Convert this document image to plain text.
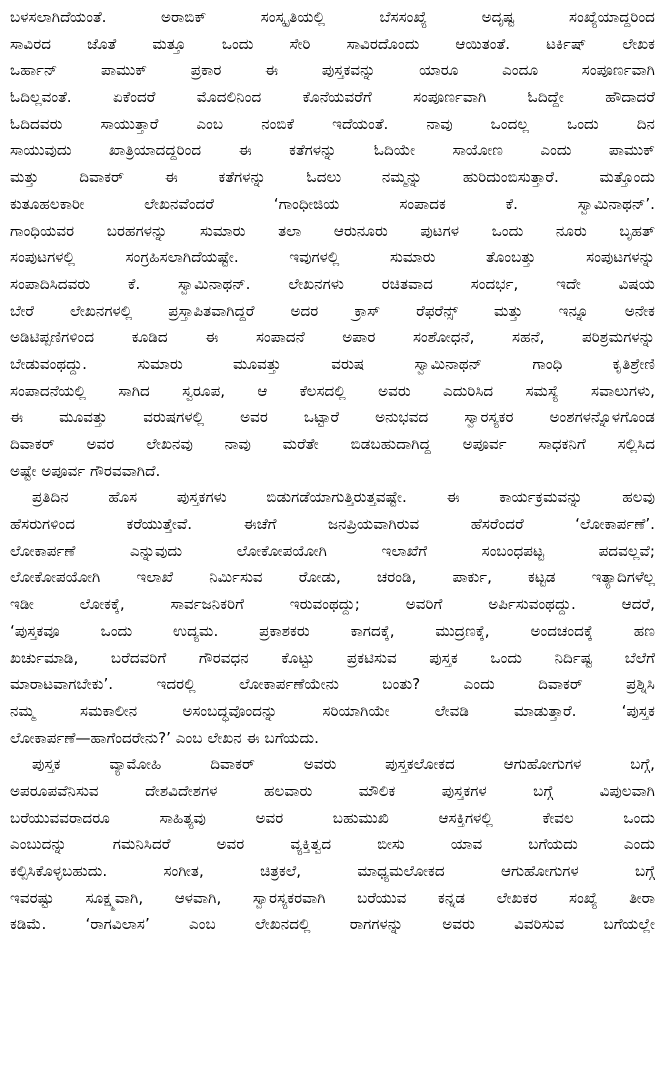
ಬಳಸಲಾಗಿದೆಯಂತೆ. ಅರಾಬಿಕ್ ಸಂಸ್ಕೃತಿಯಲ್ಲಿ ಬೆಸಸಂಖ್ಯೆ ಅದೃಷ್ಟ ಸಂಖ್ಯೆಯಾದ್ದರಿಂದ
ಸಾವಿರದ ಜೊತೆ ಮತ್ತೂ ಒಂದು ಸೇರಿ ಸಾವಿರದೊಂದು ಆಯಿತಂತೆ. ಟರ್ಕಿಷ್ ಲೇಖಕ
ಒರ್ಹಾನ್ ಪಾಮುಕ್ ಪ್ರಕಾರ ಈ ಪುಸ್ತಕವನ್ನು ಯಾರೂ ಎಂದೂ ಸಂಪೂರ್ಣವಾಗಿ
ಓದಿಲ್ಲವಂತೆ. ಏಕೆಂದರೆ ಮೊದಲಿನಿಂದ ಕೊನೆಯವರೆಗೆ ಸಂಪೂರ್ಣವಾಗಿ ಓದಿದ್ದೇ ಹೌದಾದರೆ
ಓದಿದವರು ಸಾಯುತ್ತಾರೆ ಎಂಬ ನಂಬಿಕೆ ಇದೆಯಂತೆ. ನಾವು ಒಂದಲ್ಲ ಒಂದು ದಿನ
ಸಾಯುವುದು ಖಾತ್ರಿಯಾದದ್ದರಿಂದ ಈ ಕತೆಗಳನ್ನು ಓದಿಯೇ ಸಾಯೋಣ ಎಂದು ಪಾಮುಕ್
ಮತ್ತು ದಿವಾಕರ್ ಈ ಕತೆಗಳನ್ನು ಓದಲು ನಮ್ಮನ್ನು ಹುರಿದುಂಬಿಸುತ್ತಾರೆ. ಮತ್ತೊಂದು
ಕುತೂಹಲಕಾರೀ ಲೇಖನವೆಂದರೆ ‘ಗಾಂಧೀಜಿಯ ಸಂಪಾದಕ ಕೆ. ಸ್ವಾಮಿನಾಥನ್’.
ಗಾಂಧಿಯವರ ಬರಹಗಳನ್ನು ಸುಮಾರು ತಲಾ ಆರುನೂರು ಪುಟಗಳ ಒಂದು ನೂರು ಬೃಹತ್
ಸಂಪುಟಗಳಲ್ಲಿ ಸಂಗ್ರಹಿಸಲಾಗಿದೆಯಷ್ಟೇ. ಇವುಗಳಲ್ಲಿ ಸುಮಾರು ತೊಂಬತ್ತು ಸಂಪುಟಗಳನ್ನು
ಸಂಪಾದಿಸಿದವರು ಕೆ. ಸ್ವಾಮಿನಾಥನ್. ಲೇಖನಗಳು ರಚಿತವಾದ ಸಂದರ್ಭ, ಇದೇ ವಿಷಯ
ಬೇರೆ ಲೇಖನಗಳಲ್ಲಿ ಪ್ರಸ್ತಾಪಿತವಾಗಿದ್ದರೆ ಅದರ ಕ್ರಾಸ್ ರೆಫರೆನ್ಸ್ ಮತ್ತು ಇನ್ನೂ ಅನೇಕ
ಅಡಿಟಿಪ್ಪಣಿಗಳಿಂದ ಕೂಡಿದ ಈ ಸಂಪಾದನೆ ಅಪಾರ ಸಂಶೋಧನೆ, ಸಹನೆ, ಪರಿಶ್ರಮಗಳನ್ನು
ಬೇಡುವಂಥದ್ದು. ಸುಮಾರು ಮೂವತ್ತು ವರುಷ ಸ್ವಾಮಿನಾಥನ್ ಗಾಂಧಿ ಕೃತಿಶ್ರೇಣಿ
ಸಂಪಾದನೆಯಲ್ಲಿ ಸಾಗಿದ ಸ್ವರೂಪ, ಆ ಕೆಲಸದಲ್ಲಿ ಅವರು ಎದುರಿಸಿದ ಸಮಸ್ಯೆ ಸವಾಲುಗಳು,
ಈ ಮೂವತ್ತು ವರುಷಗಳಲ್ಲಿ ಅವರ ಒಟ್ಟಾರೆ ಅನುಭವದ ಸ್ವಾರಸ್ಯಕರ ಅಂಶಗಳನ್ನೊಳಗೊಂಡ
ದಿವಾಕರ್ ಅವರ ಲೇಖನವು ನಾವು ಮರೆತೇ ಬಿಡಬಹುದಾಗಿದ್ದ ಅಪೂರ್ವ ಸಾಧಕನಿಗೆ ಸಲ್ಲಿಸಿದ
ಅಷ್ಟೇ ಅಪೂರ್ವ ಗೌರವವಾಗಿದೆ.
ಪ್ರತಿದಿನ ಹೊಸ ಪುಸ್ತಕಗಳು ಬಿಡುಗಡೆಯಾಗುತ್ತಿರುತ್ತವಷ್ಟೇ. ಈ ಕಾರ್ಯಕ್ರಮವನ್ನು ಹಲವು
ಹೆಸರುಗಳಿಂದ ಕರೆಯುತ್ತೇವೆ. ಈಚೆಗೆ ಜನಪ್ರಿಯವಾಗಿರುವ ಹೆಸರೆಂದರೆ ‘ಲೋಕಾರ್ಪಣೆ’.
ಲೋಕಾರ್ಪಣೆ ಎನ್ನುವುದು ಲೋಕೋಪಯೋಗಿ ಇಲಾಖೆಗೆ ಸಂಬಂಧಪಟ್ಟ ಪದವಲ್ಲವೆ;
ಲೋಕೋಪಯೋಗಿ ಇಲಾಖೆ ನಿರ್ಮಿಸುವ ರೋಡು, ಚರಂಡಿ, ಪಾರ್ಕು, ಕಟ್ಟಡ ಇತ್ಯಾದಿಗಳೆಲ್ಲ
ಇಡೀ ಲೋಕಕ್ಕೆ, ಸಾರ್ವಜನಿಕರಿಗೆ ಇರುವಂಥದ್ದು; ಅವರಿಗೆ ಅರ್ಪಿಸುವಂಥದ್ದು. ಆದರೆ,
‘ಪುಸ್ತಕವೂ ಒಂದು ಉದ್ಯಮ. ಪ್ರಕಾಶಕರು ಕಾಗದಕ್ಕೆ, ಮುದ್ರಣಕ್ಕೆ, ಅಂದಚಂದಕ್ಕೆ ಹಣ
ಖರ್ಚುಮಾಡಿ, ಬರೆದವರಿಗೆ ಗೌರವಧನ ಕೊಟ್ಟು ಪ್ರಕಟಿಸುವ ಪುಸ್ತಕ ಒಂದು ನಿರ್ದಿಷ್ಟ ಬೆಲೆಗೆ
ಮಾರಾಟವಾಗಬೇಕು’. ಇದರಲ್ಲಿ ಲೋಕಾರ್ಪಣೆಯೇನು ಬಂತು? ಎಂದು ದಿವಾಕರ್ ಪ್ರಶ್ನಿಸಿ
ನಮ್ಮ ಸಮಕಾಲೀನ ಅಸಂಬದ್ಧವೊಂದನ್ನು ಸರಿಯಾಗಿಯೇ ಲೇವಡಿ ಮಾಡುತ್ತಾರೆ. ‘ಪುಸ್ತಕ
ಲೋಕಾರ್ಪಣೆ—ಹಾಗೆಂದರೇನು?’ ಎಂಬ ಲೇಖನ ಈ ಬಗೆಯದು.
ಪುಸ್ತಕ ವ್ಯಾಮೋಹಿ ದಿವಾಕರ್ ಅವರು ಪುಸ್ತಕಲೋಕದ ಆಗುಹೋಗುಗಳ ಬಗ್ಗೆ,
ಅಪರೂಪವೆನಿಸುವ ದೇಶವಿದೇಶಗಳ ಹಲವಾರು ಮೌಲಿಕ ಪುಸ್ತಕಗಳ ಬಗ್ಗೆ ವಿಪುಲವಾಗಿ
ಬರೆಯುವವರಾದರೂ ಸಾಹಿತ್ಯವು ಅವರ ಬಹುಮುಖಿ ಆಸಕ್ತಿಗಳಲ್ಲಿ ಕೇವಲ ಒಂದು
ಎಂಬುದನ್ನು ಗಮನಿಸಿದರೆ ಅವರ ವ್ಯಕ್ತಿತ್ವದ ಬೀಸು ಯಾವ ಬಗೆಯದು ಎಂದು
ಕಲ್ಪಿಸಿಕೊಳ್ಳಬಹುದು. ಸಂಗೀತ, ಚಿತ್ರಕಲೆ, ಮಾಧ್ಯಮಲೋಕದ ಆಗುಹೋಗುಗಳ ಬಗ್ಗೆ
ಇವರಷ್ಟು ಸೂಕ್ಷ್ಮವಾಗಿ, ಆಳವಾಗಿ, ಸ್ವಾರಸ್ಯಕರವಾಗಿ ಬರೆಯುವ ಕನ್ನಡ ಲೇಖಕರ ಸಂಖ್ಯೆ ತೀರಾ
ಕಡಿಮೆ. ‘ರಾಗವಿಲಾಸ’ ಎಂಬ ಲೇಖನದಲ್ಲಿ ರಾಗಗಳನ್ನು ಅವರು ವಿವರಿಸುವ ಬಗೆಯಲ್ಲೇ
